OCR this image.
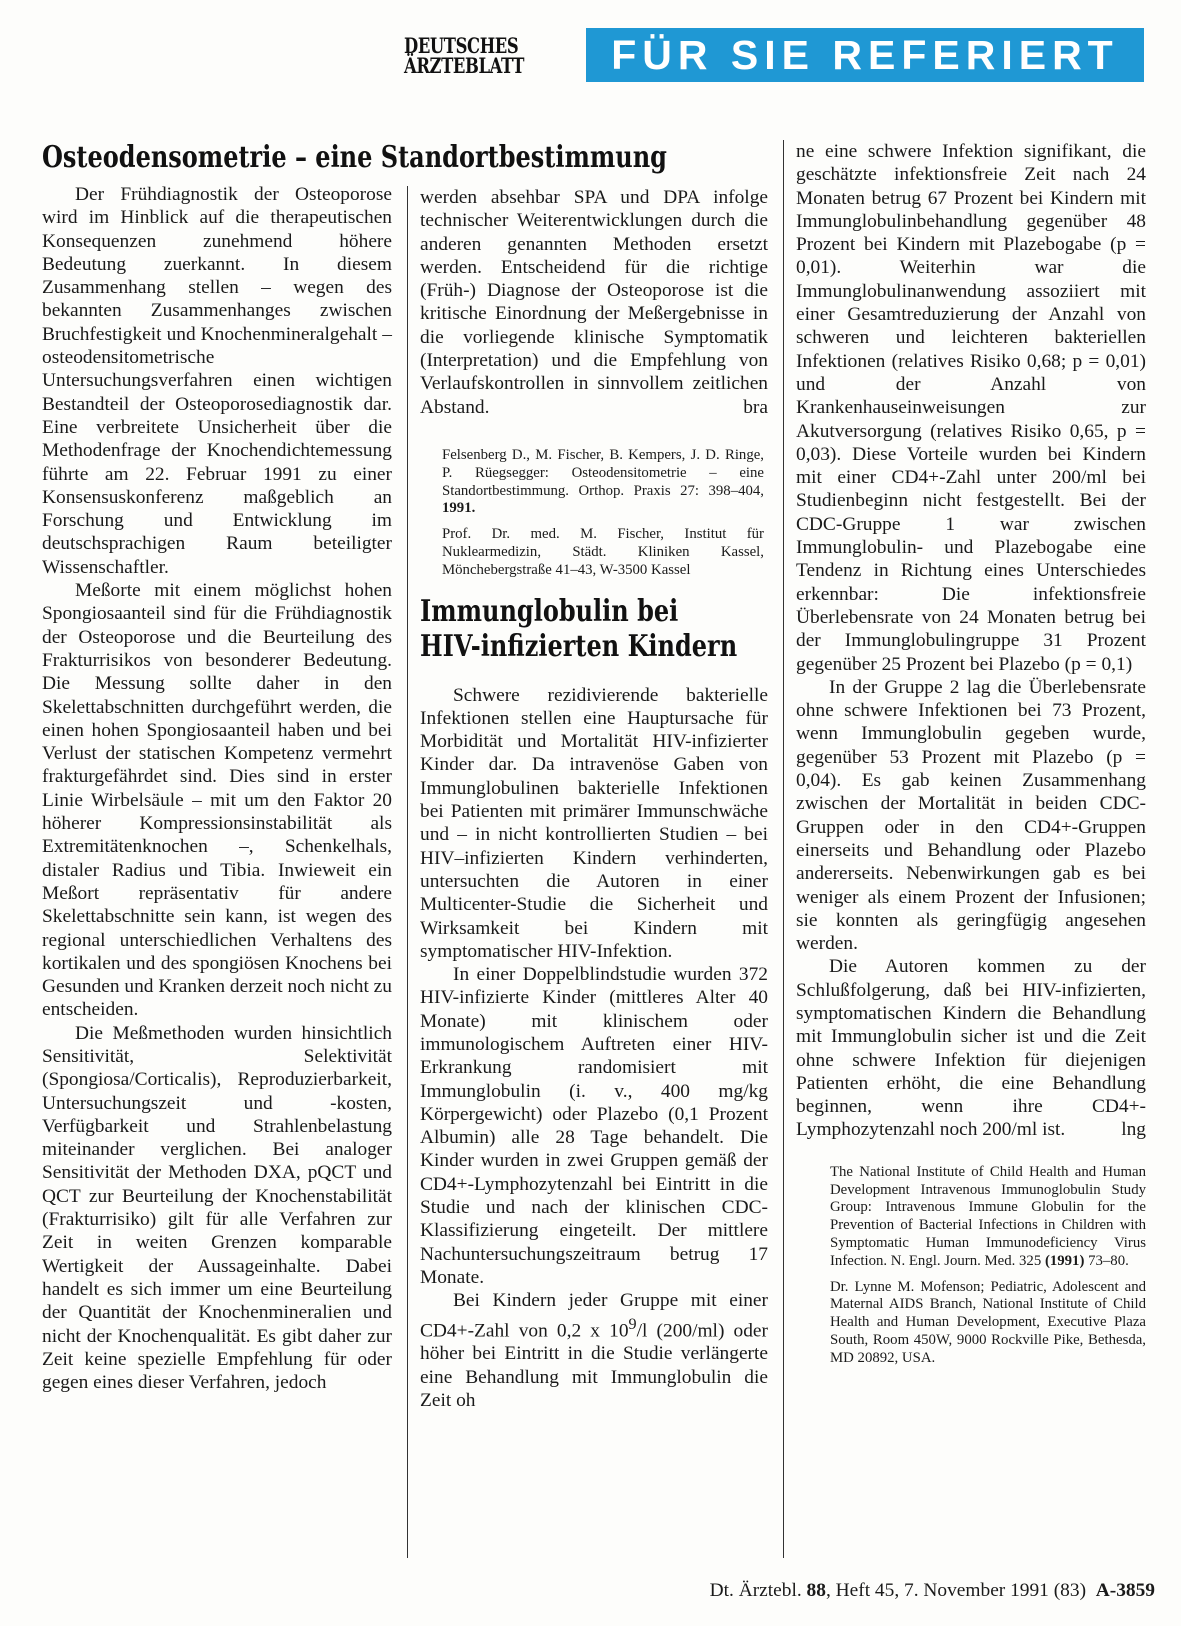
DEUTSCHES
ÄRZTEBLATT	FÜR SIE REFERIERT
Osteodensometrie – eine Standortbestimmung

Der Frühdiagnostik der Osteoporose wird im Hinblick auf die therapeutischen Konsequenzen zunehmend höhere Bedeutung zuerkannt. In diesem Zusammenhang stellen – wegen des bekannten Zusammenhanges zwischen Bruchfestigkeit und Knochenmineralgehalt – osteodensitometrische Untersuchungsverfahren einen wichtigen Bestandteil der Osteoporosediagnostik dar. Eine verbreitete Unsicherheit über die Methodenfrage der Knochendichtemessung führte am 22. Februar 1991 zu einer Konsensuskonferenz maßgeblich an Forschung und Entwicklung im deutschsprachigen Raum beteiligter Wissenschaftler.

Meßorte mit einem möglichst hohen Spongiosaanteil sind für die Frühdiagnostik der Osteoporose und die Beurteilung des Frakturrisikos von besonderer Bedeutung. Die Messung sollte daher in den Skelettabschnitten durchgeführt werden, die einen hohen Spongiosaanteil haben und bei Verlust der statischen Kompetenz vermehrt frakturgefährdet sind. Dies sind in erster Linie Wirbelsäule – mit um den Faktor 20 höherer Kompressionsinstabilität als Extremitätenknochen –, Schenkelhals, distaler Radius und Tibia. Inwieweit ein Meßort repräsentativ für andere Skelettabschnitte sein kann, ist wegen des regional unterschiedlichen Verhaltens des kortikalen und des spongiösen Knochens bei Gesunden und Kranken derzeit noch nicht zu entscheiden.

Die Meßmethoden wurden hinsichtlich Sensitivität, Selektivität (Spongiosa/Corticalis), Reproduzierbarkeit, Untersuchungszeit und -kosten, Verfügbarkeit und Strahlenbelastung miteinander verglichen. Bei analoger Sensitivität der Methoden DXA, pQCT und QCT zur Beurteilung der Knochenstabilität (Frakturrisiko) gilt für alle Verfahren zur Zeit in weiten Grenzen komparable Wertigkeit der Aussageinhalte. Dabei handelt es sich immer um eine Beurteilung der Quantität der Knochenmineralien und nicht der Knochenqualität. Es gibt daher zur Zeit keine spezielle Empfehlung für oder gegen eines dieser Verfahren, jedoch

werden absehbar SPA und DPA infolge technischer Weiterentwicklungen durch die anderen genannten Methoden ersetzt werden. Entscheidend für die richtige (Früh-) Diagnose der Osteoporose ist die kritische Einordnung der Meßergebnisse in die vorliegende klinische Symptomatik (Interpretation) und die Empfehlung von Verlaufskontrollen in sinnvollem zeitlichen Abstand.	bra

Felsenberg D., M. Fischer, B. Kempers, J. D. Ringe, P. Rüegsegger: Osteodensitometrie – eine Standortbestimmung. Orthop. Praxis 27: 398–404, 1991.

Prof. Dr. med. M. Fischer, Institut für Nuklearmedizin, Städt. Kliniken Kassel, Mönchebergstraße 41–43, W-3500 Kassel

Immunglobulin bei
HIV-infizierten Kindern

Schwere rezidivierende bakterielle Infektionen stellen eine Hauptursache für Morbidität und Mortalität HIV-infizierter Kinder dar. Da intravenöse Gaben von Immunglobulinen bakterielle Infektionen bei Patienten mit primärer Immunschwäche und – in nicht kontrollierten Studien – bei HIV–infizierten Kindern verhinderten, untersuchten die Autoren in einer Multicenter-Studie die Sicherheit und Wirksamkeit bei Kindern mit symptomatischer HIV-Infektion.

In einer Doppelblindstudie wurden 372 HIV-infizierte Kinder (mittleres Alter 40 Monate) mit klinischem oder immunologischem Auftreten einer HIV-Erkrankung randomisiert mit Immunglobulin (i. v., 400 mg/kg Körpergewicht) oder Plazebo (0,1 Prozent Albumin) alle 28 Tage behandelt. Die Kinder wurden in zwei Gruppen gemäß der CD4+-Lymphozytenzahl bei Eintritt in die Studie und nach der klinischen CDC-Klassifizierung eingeteilt. Der mittlere Nachuntersuchungszeitraum betrug 17 Monate.

Bei Kindern jeder Gruppe mit einer CD4+-Zahl von 0,2 x $10^9/l$ (200/ml) oder höher bei Eintritt in die Studie verlängerte eine Behandlung mit Immunglobulin die Zeit oh

ne eine schwere Infektion signifikant, die geschätzte infektionsfreie Zeit nach 24 Monaten betrug 67 Prozent bei Kindern mit Immunglobulinbehandlung gegenüber 48 Prozent bei Kindern mit Plazebogabe (p = 0,01). Weiterhin war die Immunglobulinanwendung assoziiert mit einer Gesamtreduzierung der Anzahl von schweren und leichteren bakteriellen Infektionen (relatives Risiko 0,68; p = 0,01) und der Anzahl von Krankenhauseinweisungen zur Akutversorgung (relatives Risiko 0,65, p = 0,03). Diese Vorteile wurden bei Kindern mit einer CD4+-Zahl unter 200/ml bei Studienbeginn nicht festgestellt. Bei der CDC-Gruppe 1 war zwischen Immunglobulin- und Plazebogabe eine Tendenz in Richtung eines Unterschiedes erkennbar: Die infektionsfreie Überlebensrate von 24 Monaten betrug bei der Immunglobulingruppe 31 Prozent gegenüber 25 Prozent bei Plazebo (p = 0,1)

In der Gruppe 2 lag die Überlebensrate ohne schwere Infektionen bei 73 Prozent, wenn Immunglobulin gegeben wurde, gegenüber 53 Prozent mit Plazebo (p = 0,04). Es gab keinen Zusammenhang zwischen der Mortalität in beiden CDC-Gruppen oder in den CD4+-Gruppen einerseits und Behandlung oder Plazebo andererseits. Nebenwirkungen gab es bei weniger als einem Prozent der Infusionen; sie konnten als geringfügig angesehen werden.

Die Autoren kommen zu der Schlußfolgerung, daß bei HIV-infizierten, symptomatischen Kindern die Behandlung mit Immunglobulin sicher ist und die Zeit ohne schwere Infektion für diejenigen Patienten erhöht, die eine Behandlung beginnen, wenn ihre CD4+-Lymphozytenzahl noch 200/ml ist.	lng

The National Institute of Child Health and Human Development Intravenous Immunoglobulin Study Group: Intravenous Immune Globulin for the Prevention of Bacterial Infections in Children with Symptomatic Human Immunodeficiency Virus Infection. N. Engl. Journ. Med. 325 (1991) 73–80.

Dr. Lynne M. Mofenson; Pediatric, Adolescent and Maternal AIDS Branch, National Institute of Child Health and Human Development, Executive Plaza South, Room 450W, 9000 Rockville Pike, Bethesda, MD 20892, USA.

Dt. Ärztebl. 88, Heft 45, 7. November 1991 (83) A-3859
